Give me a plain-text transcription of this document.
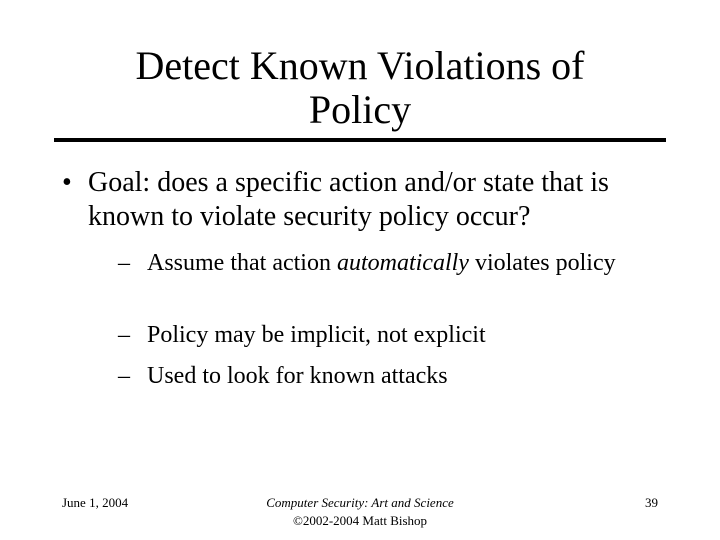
Detect Known Violations of
Policy
• Goal: does a specific action and/or state that is known to violate security policy occur?
– Assume that action automatically violates policy
– Policy may be implicit, not explicit
– Used to look for known attacks
June 1, 2004	Computer Security: Art and Science
©2002-2004 Matt Bishop
39
